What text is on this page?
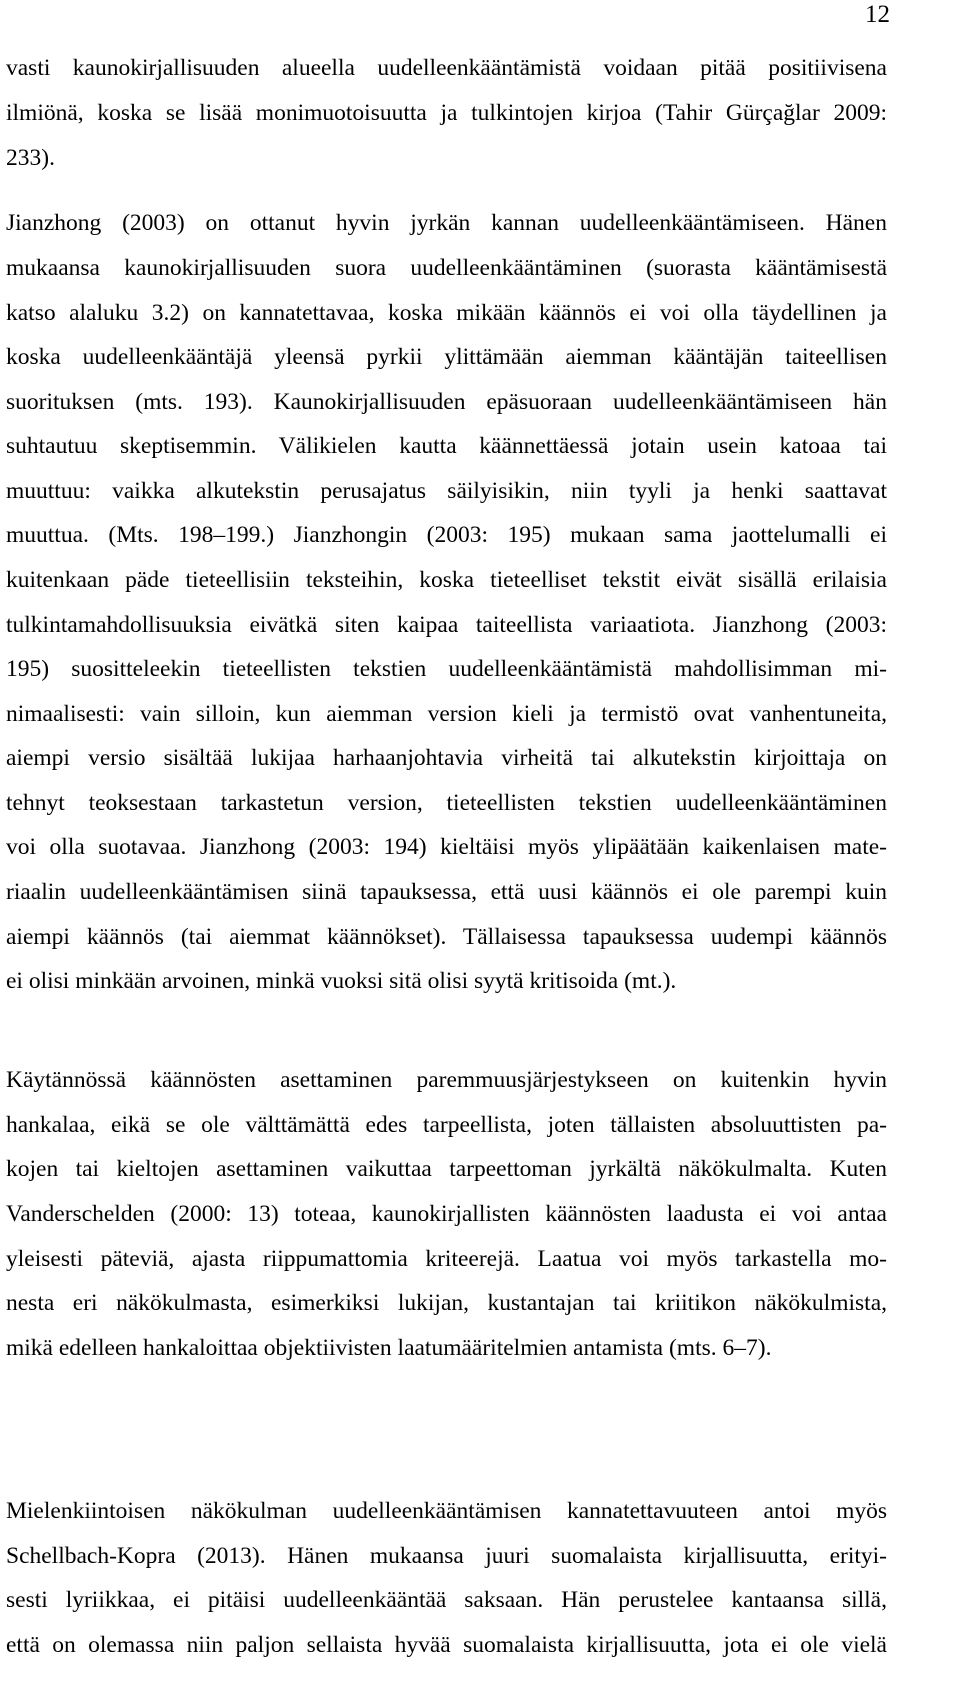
12
vasti kaunokirjallisuuden alueella uudelleenkääntämistä voidaan pitää positiivisena
ilmiönä, koska se lisää monimuotoisuutta ja tulkintojen kirjoa (Tahir Gürçağlar 2009:
233).
Jianzhong (2003) on ottanut hyvin jyrkän kannan uudelleenkääntämiseen. Hänen
mukaansa kaunokirjallisuuden suora uudelleenkääntäminen (suorasta kääntämisestä
katso alaluku 3.2) on kannatettavaa, koska mikään käännös ei voi olla täydellinen ja
koska uudelleenkääntäjä yleensä pyrkii ylittämään aiemman kääntäjän taiteellisen
suorituksen (mts. 193). Kaunokirjallisuuden epäsuoraan uudelleenkääntämiseen hän
suhtautuu skeptisemmin. Välikielen kautta käännettäessä jotain usein katoaa tai
muuttuu: vaikka alkutekstin perusajatus säilyisikin, niin tyyli ja henki saattavat
muuttua. (Mts. 198–199.) Jianzhongin (2003: 195) mukaan sama jaottelumalli ei
kuitenkaan päde tieteellisiin teksteihin, koska tieteelliset tekstit eivät sisällä erilaisia
tulkintamahdollisuuksia eivätkä siten kaipaa taiteellista variaatiota. Jianzhong (2003:
195) suositteleekin tieteellisten tekstien uudelleenkääntämistä mahdollisimman mi-
nimaalisesti: vain silloin, kun aiemman version kieli ja termistö ovat vanhentuneita,
aiempi versio sisältää lukijaa harhaanjohtavia virheitä tai alkutekstin kirjoittaja on
tehnyt teoksestaan tarkastetun version, tieteellisten tekstien uudelleenkääntäminen
voi olla suotavaa. Jianzhong (2003: 194) kieltäisi myös ylipäätään kaikenlaisen mate-
riaalin uudelleenkääntämisen siinä tapauksessa, että uusi käännös ei ole parempi kuin
aiempi käännös (tai aiemmat käännökset). Tällaisessa tapauksessa uudempi käännös
ei olisi minkään arvoinen, minkä vuoksi sitä olisi syytä kritisoida (mt.).
Käytännössä käännösten asettaminen paremmuusjärjestykseen on kuitenkin hyvin
hankalaa, eikä se ole välttämättä edes tarpeellista, joten tällaisten absoluuttisten pa-
kojen tai kieltojen asettaminen vaikuttaa tarpeettoman jyrkältä näkökulmalta. Kuten
Vanderschelden (2000: 13) toteaa, kaunokirjallisten käännösten laadusta ei voi antaa
yleisesti päteviä, ajasta riippumattomia kriteerejä. Laatua voi myös tarkastella mo-
nesta eri näkökulmasta, esimerkiksi lukijan, kustantajan tai kriitikon näkökulmista,
mikä edelleen hankaloittaa objektiivisten laatumääritelmien antamista (mts. 6–7).
Mielenkiintoisen näkökulman uudelleenkääntämisen kannatettavuuteen antoi myös
Schellbach-Kopra (2013). Hänen mukaansa juuri suomalaista kirjallisuutta, erityi-
sesti lyriikkaa, ei pitäisi uudelleenkääntää saksaan. Hän perustelee kantaansa sillä,
että on olemassa niin paljon sellaista hyvää suomalaista kirjallisuutta, jota ei ole vielä
